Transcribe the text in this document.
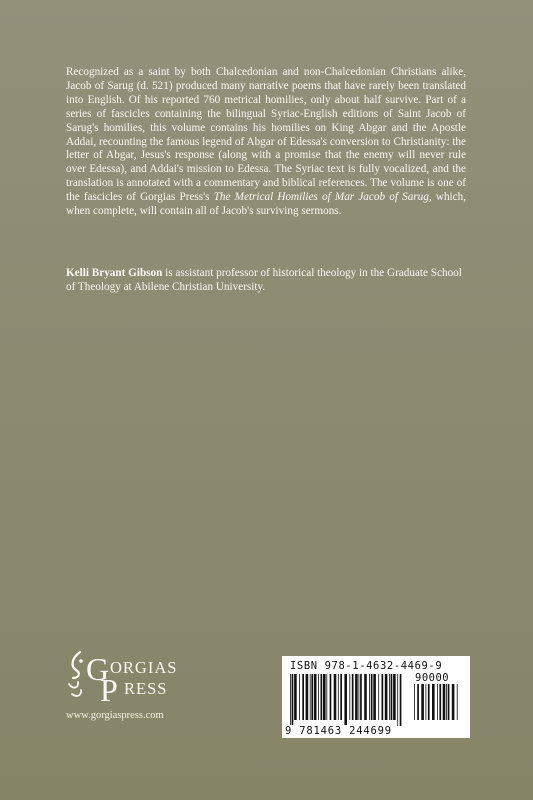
Recognized as a saint by both Chalcedonian and non-Chalcedonian Christians alike, Jacob of Sarug (d. 521) produced many narrative poems that have rarely been translated into English. Of his reported 760 metrical homilies, only about half survive. Part of a series of fascicles containing the bilingual Syriac-English editions of Saint Jacob of Sarug's homilies, this volume contains his homilies on King Abgar and the Apostle Addai, recounting the famous legend of Abgar of Edessa's conversion to Christianity: the letter of Abgar, Jesus's response (along with a promise that the enemy will never rule over Edessa), and Addai's mission to Edessa. The Syriac text is fully vocalized, and the translation is annotated with a commentary and biblical references. The volume is one of the fascicles of Gorgias Press's The Metrical Homilies of Mar Jacob of Sarug, which, when complete, will contain all of Jacob's surviving sermons.

Kelli Bryant Gibson is assistant professor of historical theology in the Graduate School of Theology at Abilene Christian University.

G ORGIAS
P RESS
www.gorgiaspress.com
ISBN 978-1-4632-4469-9
90000
9 781463 244699
